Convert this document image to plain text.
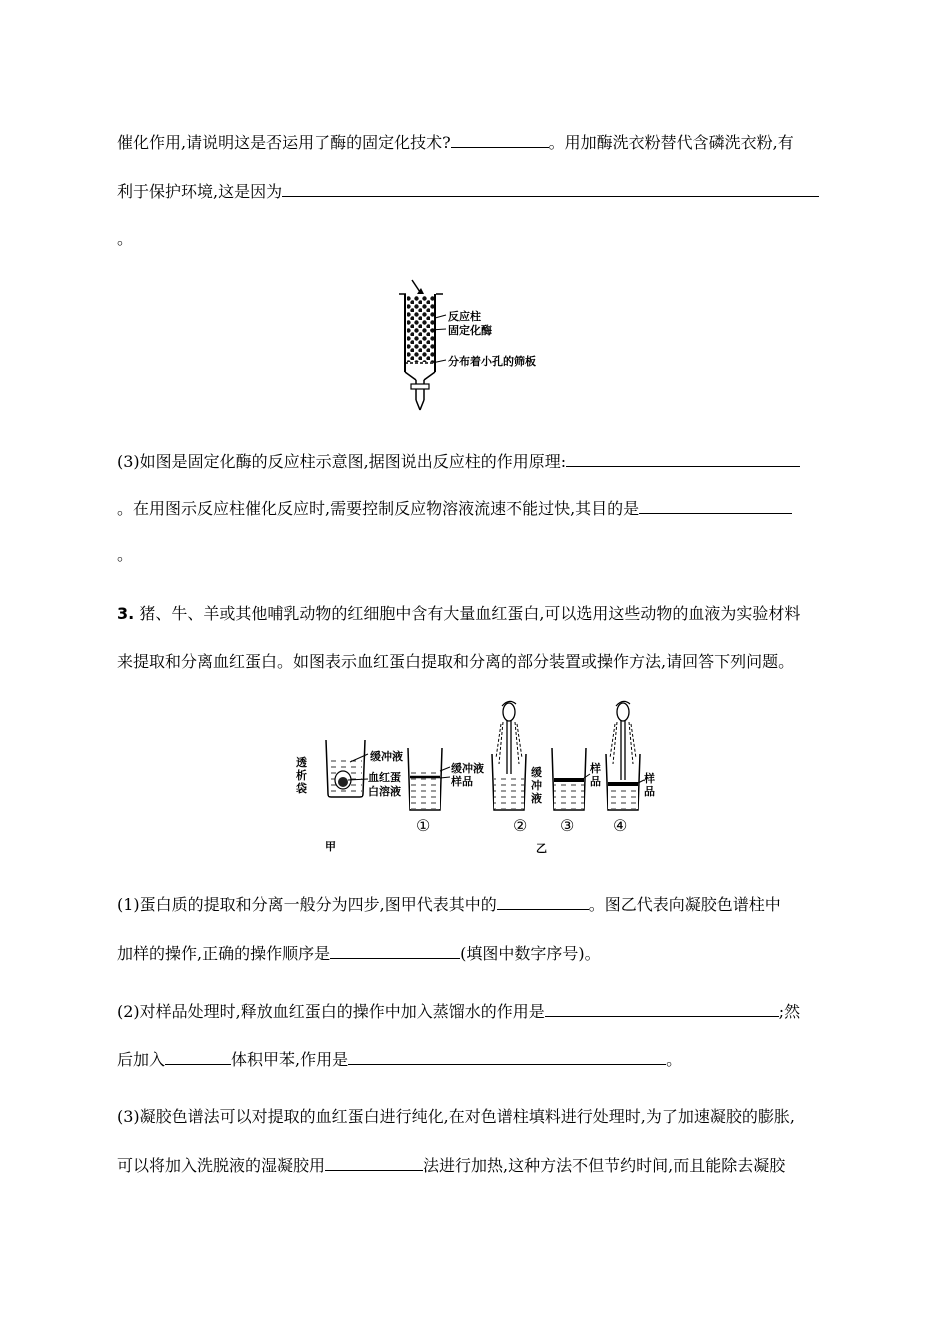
催化作用,请说明这是否运用了酶的固定化技术?	。用加酶洗衣粉替代含磷洗衣粉,有
利于保护环境,这是因为
。
反应柱
固定化酶
分布着小孔的筛板
(3)如图是固定化酶的反应柱示意图,据图说出反应柱的作用原理:
。在用图示反应柱催化反应时,需要控制反应物溶液流速不能过快,其目的是
。
3. 猪、牛、羊或其他哺乳动物的红细胞中含有大量血红蛋白,可以选用这些动物的血液为实验材料
来提取和分离血红蛋白。如图表示血红蛋白提取和分离的部分装置或操作方法,请回答下列问题。
透析袋
缓冲液
血红蛋
白溶液
甲
缓冲液
样品
缓冲液
样品	样品
①	② ③ ④
乙
(1)蛋白质的提取和分离一般分为四步,图甲代表其中的	。图乙代表向凝胶色谱柱中
加样的操作,正确的操作顺序是	(填图中数字序号)。
(2)对样品处理时,释放血红蛋白的操作中加入蒸馏水的作用是	;然
后加入	体积甲苯,作用是	。
(3)凝胶色谱法可以对提取的血红蛋白进行纯化,在对色谱柱填料进行处理时,为了加速凝胶的膨胀,
可以将加入洗脱液的湿凝胶用	法进行加热,这种方法不但节约时间,而且能除去凝胶
